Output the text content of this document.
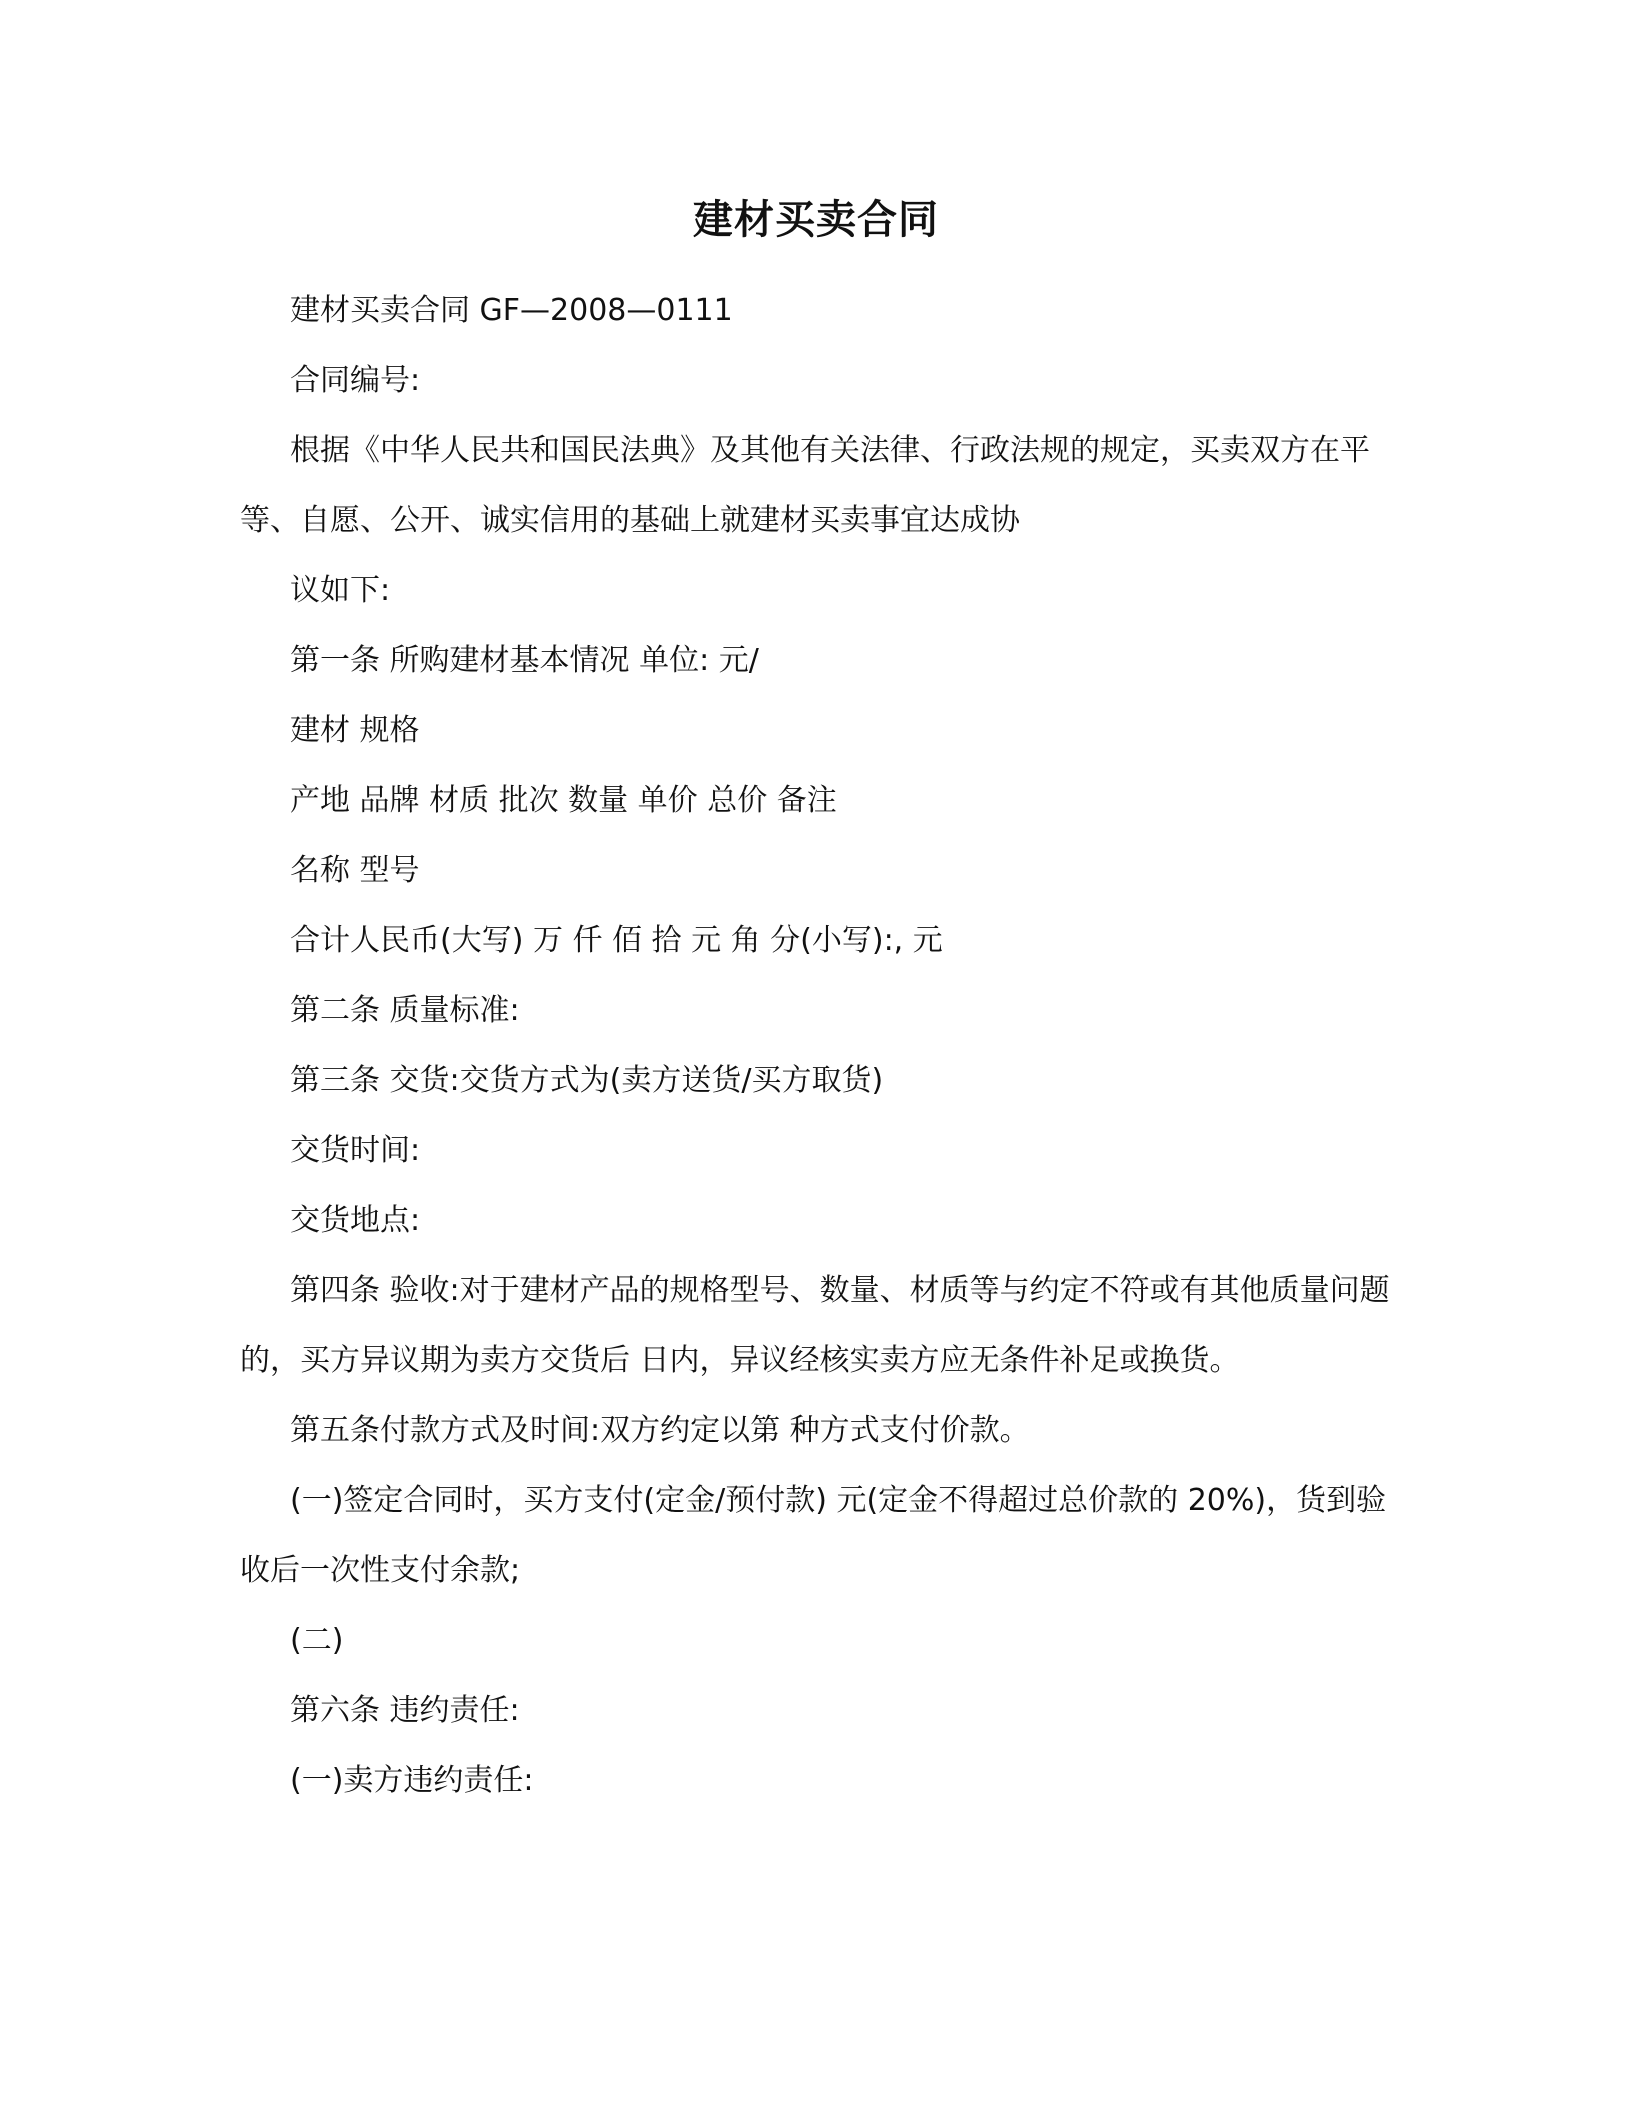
建材买卖合同

建材买卖合同 GF—2008—0111

合同编号:

根据《中华人民共和国民法典》及其他有关法律、行政法规的规定，买卖双方在平等、自愿、公开、诚实信用的基础上就建材买卖事宜达成协

议如下:

第一条 所购建材基本情况 单位: 元/

建材 规格

产地 品牌 材质 批次 数量 单价 总价 备注

名称 型号

合计人民币(大写) 万 仟 佰 拾 元 角 分(小写):, 元

第二条 质量标准:

第三条 交货:交货方式为(卖方送货/买方取货)

交货时间:

交货地点:

第四条 验收:对于建材产品的规格型号、数量、材质等与约定不符或有其他质量问题的，买方异议期为卖方交货后 日内，异议经核实卖方应无条件补足或换货。

第五条付款方式及时间:双方约定以第 种方式支付价款。

(一)签定合同时，买方支付(定金/预付款) 元(定金不得超过总价款的 20%)，货到验收后一次性支付余款;

(二)

第六条 违约责任:

(一)卖方违约责任:
